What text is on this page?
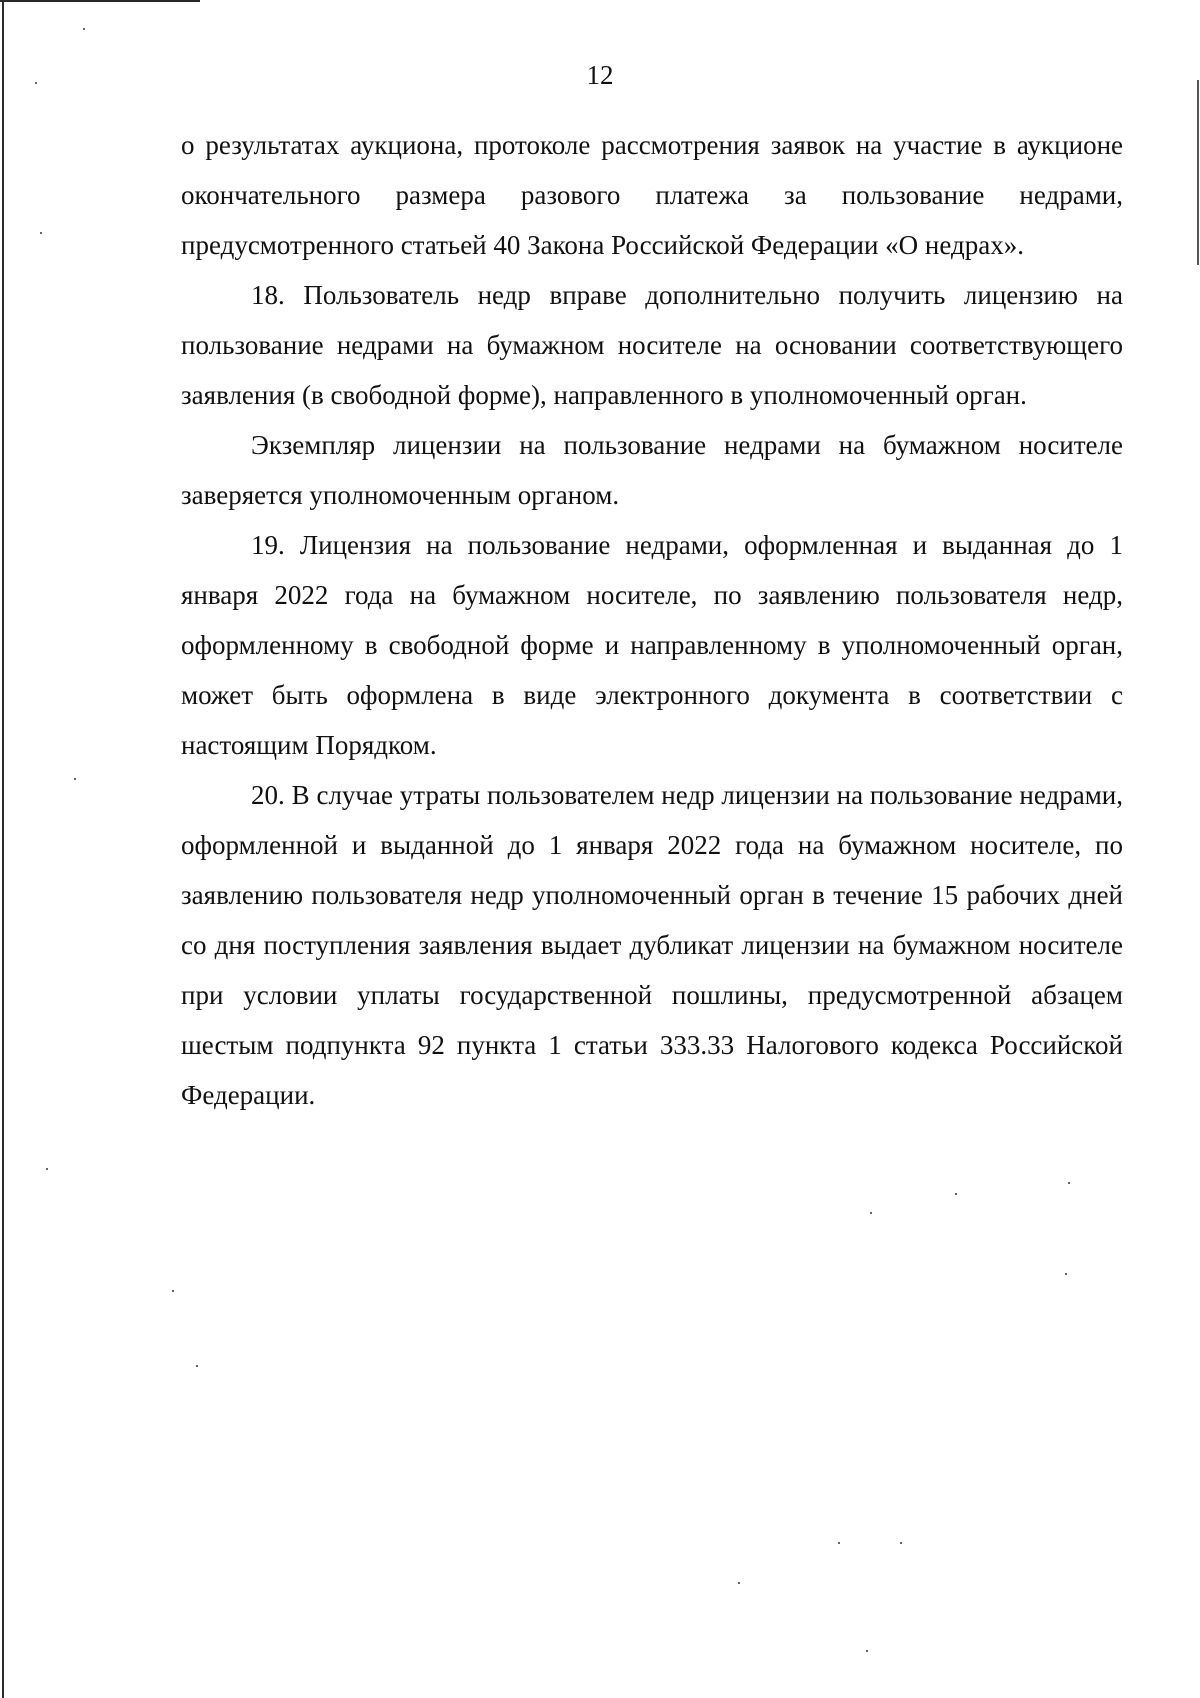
12

о результатах аукциона, протоколе рассмотрения заявок на участие в аукционе окончательного размера разового платежа за пользование недрами, предусмотренного статьей 40 Закона Российской Федерации «О недрах».

18. Пользователь недр вправе дополнительно получить лицензию на пользование недрами на бумажном носителе на основании соответствующего заявления (в свободной форме), направленного в уполномоченный орган.

Экземпляр лицензии на пользование недрами на бумажном носителе заверяется уполномоченным органом.

19. Лицензия на пользование недрами, оформленная и выданная до 1 января 2022 года на бумажном носителе, по заявлению пользователя недр, оформленному в свободной форме и направленному в уполномоченный орган, может быть оформлена в виде электронного документа в соответствии с настоящим Порядком.

20. В случае утраты пользователем недр лицензии на пользование недрами, оформленной и выданной до 1 января 2022 года на бумажном носителе, по заявлению пользователя недр уполномоченный орган в течение 15 рабочих дней со дня поступления заявления выдает дубликат лицензии на бумажном носителе при условии уплаты государственной пошлины, предусмотренной абзацем шестым подпункта 92 пункта 1 статьи 333.33 Налогового кодекса Российской Федерации.
